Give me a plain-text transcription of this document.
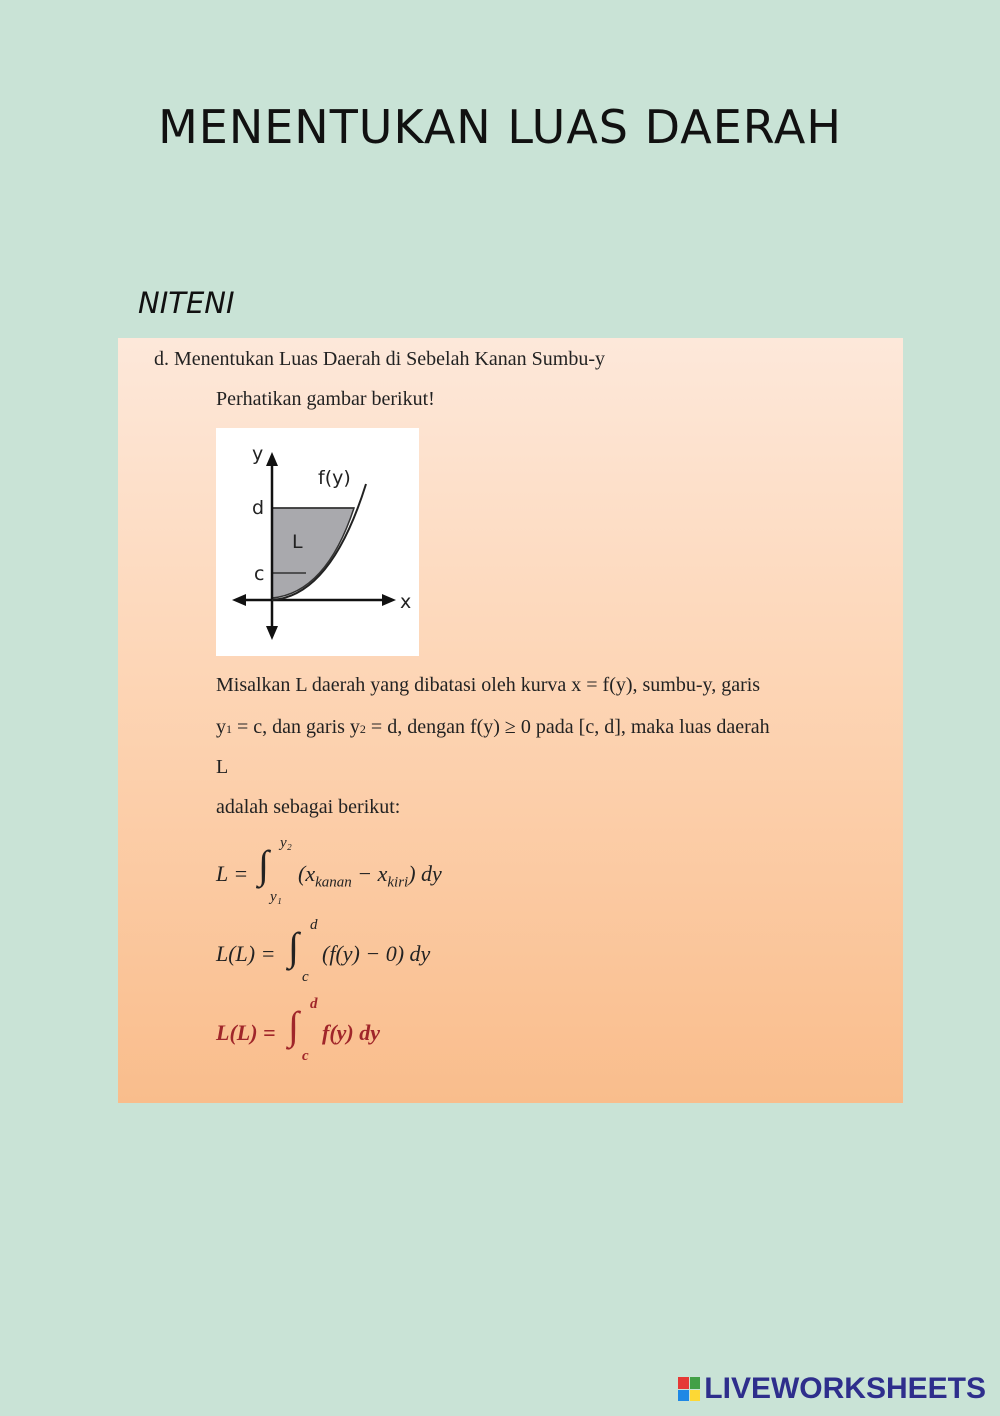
MENENTUKAN LUAS DAERAH
NITENI
d. Menentukan Luas Daerah di Sebelah Kanan Sumbu-y
Perhatikan gambar berikut!
y
x
f(y)
L
d
c
Misalkan L daerah yang dibatasi oleh kurva x = f(y), sumbu-y, garis
y1 = c, dan garis y2 = d, dengan f(y) ≥ 0 pada [c, d], maka luas daerah
L
adalah sebagai berikut:
L = ∫ y₂
y₁
$(x_{kanan} - x_{kiri})$ dy
L(L) = ∫ d
c
(f(y) − 0) dy
L(L) = ∫ d
c
f(y) dy
LIVEWORKSHEETS
